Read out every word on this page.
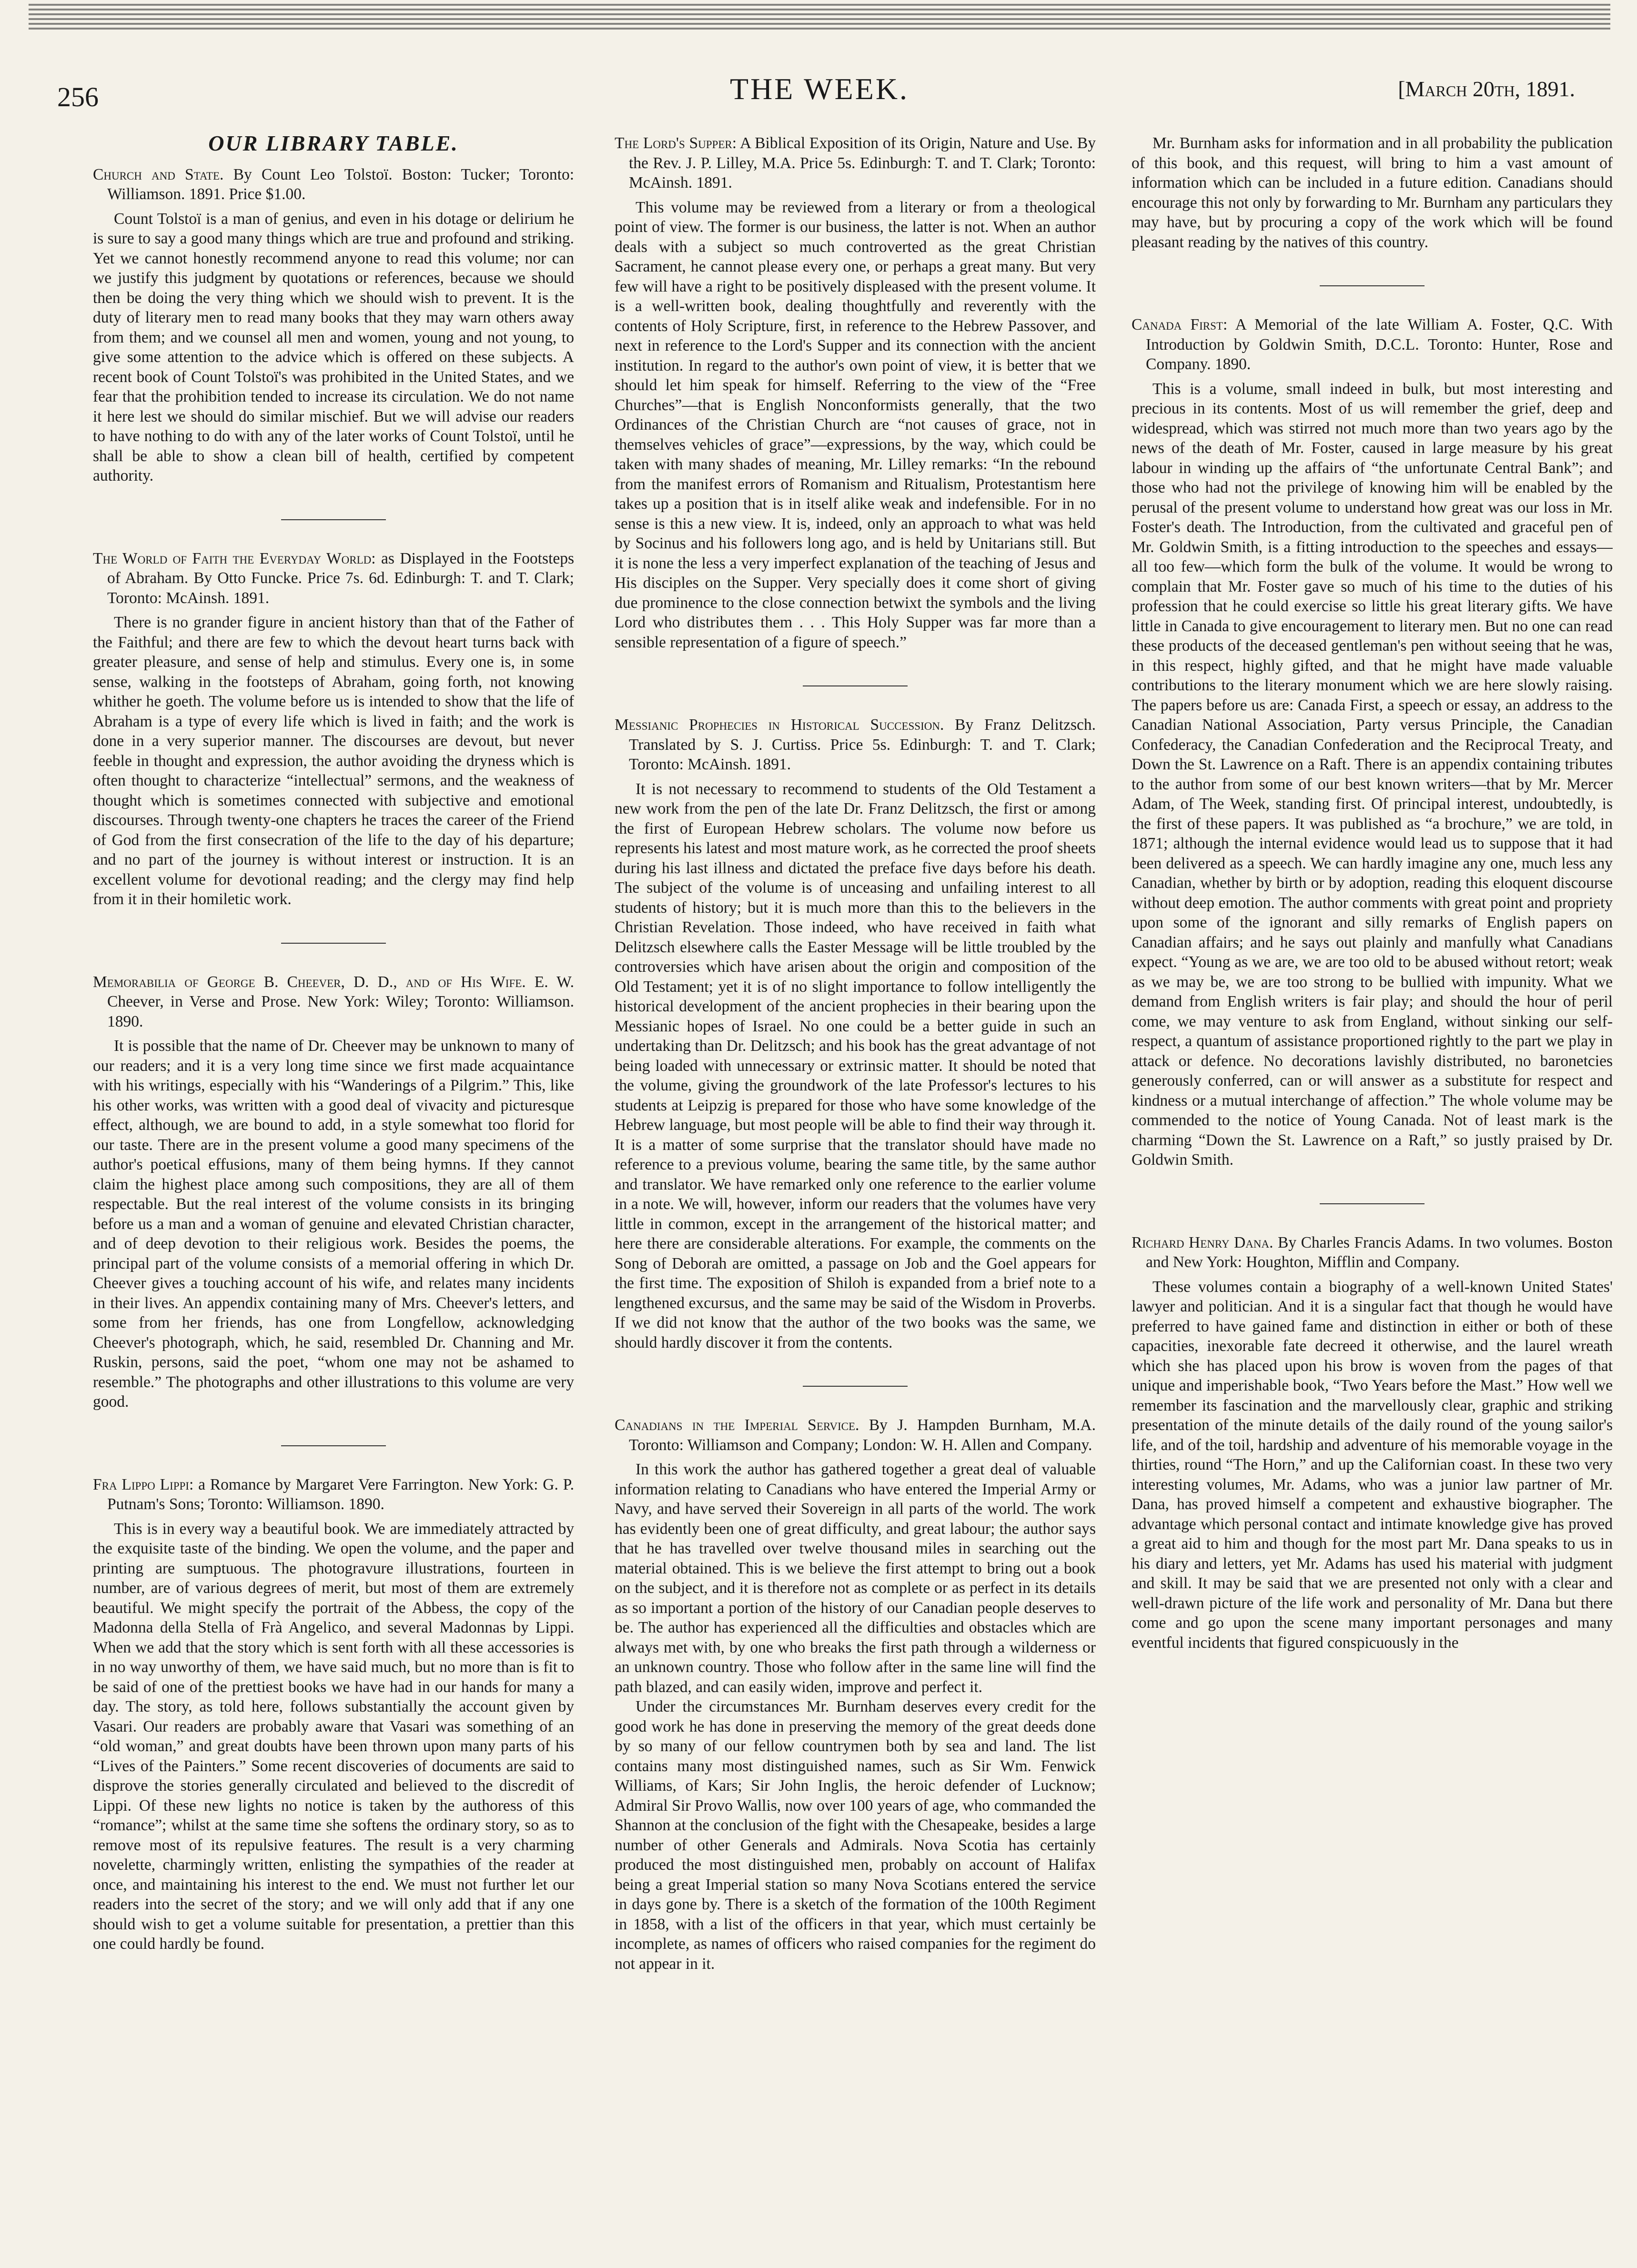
256	THE WEEK.	[March 20th, 1891.
OUR LIBRARY TABLE.

Church and State. By Count Leo Tolstoï. Boston: Tucker; Toronto: Williamson. 1891. Price $1.00.

Count Tolstoï is a man of genius, and even in his dotage or delirium he is sure to say a good many things which are true and profound and striking. Yet we cannot honestly recommend anyone to read this volume; nor can we justify this judgment by quotations or references, because we should then be doing the very thing which we should wish to prevent. It is the duty of literary men to read many books that they may warn others away from them; and we counsel all men and women, young and not young, to give some attention to the advice which is offered on these subjects. A recent book of Count Tolstoï's was prohibited in the United States, and we fear that the prohibition tended to increase its circulation. We do not name it here lest we should do similar mischief. But we will advise our readers to have nothing to do with any of the later works of Count Tolstoï, until he shall be able to show a clean bill of health, certified by competent authority.

The World of Faith the Everyday World: as Displayed in the Footsteps of Abraham. By Otto Funcke. Price 7s. 6d. Edinburgh: T. and T. Clark; Toronto: McAinsh. 1891.

There is no grander figure in ancient history than that of the Father of the Faithful; and there are few to which the devout heart turns back with greater pleasure, and sense of help and stimulus. Every one is, in some sense, walking in the footsteps of Abraham, going forth, not knowing whither he goeth. The volume before us is intended to show that the life of Abraham is a type of every life which is lived in faith; and the work is done in a very superior manner. The discourses are devout, but never feeble in thought and expression, the author avoiding the dryness which is often thought to characterize “intellectual” sermons, and the weakness of thought which is sometimes connected with subjective and emotional discourses. Through twenty-one chapters he traces the career of the Friend of God from the first consecration of the life to the day of his departure; and no part of the journey is without interest or instruction. It is an excellent volume for devotional reading; and the clergy may find help from it in their homiletic work.

Memorabilia of George B. Cheever, D. D., and of His Wife. E. W. Cheever, in Verse and Prose. New York: Wiley; Toronto: Williamson. 1890.

It is possible that the name of Dr. Cheever may be unknown to many of our readers; and it is a very long time since we first made acquaintance with his writings, especially with his “Wanderings of a Pilgrim.” This, like his other works, was written with a good deal of vivacity and picturesque effect, although, we are bound to add, in a style somewhat too florid for our taste. There are in the present volume a good many specimens of the author's poetical effusions, many of them being hymns. If they cannot claim the highest place among such compositions, they are all of them respectable. But the real interest of the volume consists in its bringing before us a man and a woman of genuine and elevated Christian character, and of deep devotion to their religious work. Besides the poems, the principal part of the volume consists of a memorial offering in which Dr. Cheever gives a touching account of his wife, and relates many incidents in their lives. An appendix containing many of Mrs. Cheever's letters, and some from her friends, has one from Longfellow, acknowledging Cheever's photograph, which, he said, resembled Dr. Channing and Mr. Ruskin, persons, said the poet, “whom one may not be ashamed to resemble.” The photographs and other illustrations to this volume are very good.

Fra Lippo Lippi: a Romance by Margaret Vere Farrington. New York: G. P. Putnam's Sons; Toronto: Williamson. 1890.

This is in every way a beautiful book. We are immediately attracted by the exquisite taste of the binding. We open the volume, and the paper and printing are sumptuous. The photogravure illustrations, fourteen in number, are of various degrees of merit, but most of them are extremely beautiful. We might specify the portrait of the Abbess, the copy of the Madonna della Stella of Frà Angelico, and several Madonnas by Lippi. When we add that the story which is sent forth with all these accessories is in no way unworthy of them, we have said much, but no more than is fit to be said of one of the prettiest books we have had in our hands for many a day. The story, as told here, follows substantially the account given by Vasari. Our readers are probably aware that Vasari was something of an “old woman,” and great doubts have been thrown upon many parts of his “Lives of the Painters.” Some recent discoveries of documents are said to disprove the stories generally circulated and believed to the discredit of Lippi. Of these new lights no notice is taken by the authoress of this “romance”; whilst at the same time she softens the ordinary story, so as to remove most of its repulsive features. The result is a very charming novelette, charmingly written, enlisting the sympathies of the reader at once, and maintaining his interest to the end. We must not further let our readers into the secret of the story; and we will only add that if any one should wish to get a volume suitable for presentation, a prettier than this one could hardly be found.

The Lord's Supper: A Biblical Exposition of its Origin, Nature and Use. By the Rev. J. P. Lilley, M.A. Price 5s. Edinburgh: T. and T. Clark; Toronto: McAinsh. 1891.

This volume may be reviewed from a literary or from a theological point of view. The former is our business, the latter is not. When an author deals with a subject so much controverted as the great Christian Sacrament, he cannot please every one, or perhaps a great many. But very few will have a right to be positively displeased with the present volume. It is a well-written book, dealing thoughtfully and reverently with the contents of Holy Scripture, first, in reference to the Hebrew Passover, and next in reference to the Lord's Supper and its connection with the ancient institution. In regard to the author's own point of view, it is better that we should let him speak for himself. Referring to the view of the “Free Churches”—that is English Nonconformists generally, that the two Ordinances of the Christian Church are “not causes of grace, not in themselves vehicles of grace”—expressions, by the way, which could be taken with many shades of meaning, Mr. Lilley remarks: “In the rebound from the manifest errors of Romanism and Ritualism, Protestantism here takes up a position that is in itself alike weak and indefensible. For in no sense is this a new view. It is, indeed, only an approach to what was held by Socinus and his followers long ago, and is held by Unitarians still. But it is none the less a very imperfect explanation of the teaching of Jesus and His disciples on the Supper. Very specially does it come short of giving due prominence to the close connection betwixt the symbols and the living Lord who distributes them . . . This Holy Supper was far more than a sensible representation of a figure of speech.”

Messianic Prophecies in Historical Succession. By Franz Delitzsch. Translated by S. J. Curtiss. Price 5s. Edinburgh: T. and T. Clark; Toronto: McAinsh. 1891.

It is not necessary to recommend to students of the Old Testament a new work from the pen of the late Dr. Franz Delitzsch, the first or among the first of European Hebrew scholars. The volume now before us represents his latest and most mature work, as he corrected the proof sheets during his last illness and dictated the preface five days before his death. The subject of the volume is of unceasing and unfailing interest to all students of history; but it is much more than this to the believers in the Christian Revelation. Those indeed, who have received in faith what Delitzsch elsewhere calls the Easter Message will be little troubled by the controversies which have arisen about the origin and composition of the Old Testament; yet it is of no slight importance to follow intelligently the historical development of the ancient prophecies in their bearing upon the Messianic hopes of Israel. No one could be a better guide in such an undertaking than Dr. Delitzsch; and his book has the great advantage of not being loaded with unnecessary or extrinsic matter. It should be noted that the volume, giving the groundwork of the late Professor's lectures to his students at Leipzig is prepared for those who have some knowledge of the Hebrew language, but most people will be able to find their way through it. It is a matter of some surprise that the translator should have made no reference to a previous volume, bearing the same title, by the same author and translator. We have remarked only one reference to the earlier volume in a note. We will, however, inform our readers that the volumes have very little in common, except in the arrangement of the historical matter; and here there are considerable alterations. For example, the comments on the Song of Deborah are omitted, a passage on Job and the Goel appears for the first time. The exposition of Shiloh is expanded from a brief note to a lengthened excursus, and the same may be said of the Wisdom in Proverbs. If we did not know that the author of the two books was the same, we should hardly discover it from the contents.

Canadians in the Imperial Service. By J. Hampden Burnham, M.A. Toronto: Williamson and Company; London: W. H. Allen and Company.

In this work the author has gathered together a great deal of valuable information relating to Canadians who have entered the Imperial Army or Navy, and have served their Sovereign in all parts of the world. The work has evidently been one of great difficulty, and great labour; the author says that he has travelled over twelve thousand miles in searching out the material obtained. This is we believe the first attempt to bring out a book on the subject, and it is therefore not as complete or as perfect in its details as so important a portion of the history of our Canadian people deserves to be. The author has experienced all the difficulties and obstacles which are always met with, by one who breaks the first path through a wilderness or an unknown country. Those who follow after in the same line will find the path blazed, and can easily widen, improve and perfect it.

Under the circumstances Mr. Burnham deserves every credit for the good work he has done in preserving the memory of the great deeds done by so many of our fellow countrymen both by sea and land. The list contains many most distinguished names, such as Sir Wm. Fenwick Williams, of Kars; Sir John Inglis, the heroic defender of Lucknow; Admiral Sir Provo Wallis, now over 100 years of age, who commanded the Shannon at the conclusion of the fight with the Chesapeake, besides a large number of other Generals and Admirals. Nova Scotia has certainly produced the most distinguished men, probably on account of Halifax being a great Imperial station so many Nova Scotians entered the service in days gone by. There is a sketch of the formation of the 100th Regiment in 1858, with a list of the officers in that year, which must certainly be incomplete, as names of officers who raised companies for the regiment do not appear in it.

Mr. Burnham asks for information and in all probability the publication of this book, and this request, will bring to him a vast amount of information which can be included in a future edition. Canadians should encourage this not only by forwarding to Mr. Burnham any particulars they may have, but by procuring a copy of the work which will be found pleasant reading by the natives of this country.

Canada First: A Memorial of the late William A. Foster, Q.C. With Introduction by Goldwin Smith, D.C.L. Toronto: Hunter, Rose and Company. 1890.

This is a volume, small indeed in bulk, but most interesting and precious in its contents. Most of us will remember the grief, deep and widespread, which was stirred not much more than two years ago by the news of the death of Mr. Foster, caused in large measure by his great labour in winding up the affairs of “the unfortunate Central Bank”; and those who had not the privilege of knowing him will be enabled by the perusal of the present volume to understand how great was our loss in Mr. Foster's death. The Introduction, from the cultivated and graceful pen of Mr. Goldwin Smith, is a fitting introduction to the speeches and essays—all too few—which form the bulk of the volume. It would be wrong to complain that Mr. Foster gave so much of his time to the duties of his profession that he could exercise so little his great literary gifts. We have little in Canada to give encouragement to literary men. But no one can read these products of the deceased gentleman's pen without seeing that he was, in this respect, highly gifted, and that he might have made valuable contributions to the literary monument which we are here slowly raising. The papers before us are: Canada First, a speech or essay, an address to the Canadian National Association, Party versus Principle, the Canadian Confederacy, the Canadian Confederation and the Reciprocal Treaty, and Down the St. Lawrence on a Raft. There is an appendix containing tributes to the author from some of our best known writers—that by Mr. Mercer Adam, of The Week, standing first. Of principal interest, undoubtedly, is the first of these papers. It was published as “a brochure,” we are told, in 1871; although the internal evidence would lead us to suppose that it had been delivered as a speech. We can hardly imagine any one, much less any Canadian, whether by birth or by adoption, reading this eloquent discourse without deep emotion. The author comments with great point and propriety upon some of the ignorant and silly remarks of English papers on Canadian affairs; and he says out plainly and manfully what Canadians expect. “Young as we are, we are too old to be abused without retort; weak as we may be, we are too strong to be bullied with impunity. What we demand from English writers is fair play; and should the hour of peril come, we may venture to ask from England, without sinking our self-respect, a quantum of assistance proportioned rightly to the part we play in attack or defence. No decorations lavishly distributed, no baronetcies generously conferred, can or will answer as a substitute for respect and kindness or a mutual interchange of affection.” The whole volume may be commended to the notice of Young Canada. Not of least mark is the charming “Down the St. Lawrence on a Raft,” so justly praised by Dr. Goldwin Smith.

Richard Henry Dana. By Charles Francis Adams. In two volumes. Boston and New York: Houghton, Mifflin and Company.

These volumes contain a biography of a well-known United States' lawyer and politician. And it is a singular fact that though he would have preferred to have gained fame and distinction in either or both of these capacities, inexorable fate decreed it otherwise, and the laurel wreath which she has placed upon his brow is woven from the pages of that unique and imperishable book, “Two Years before the Mast.” How well we remember its fascination and the marvellously clear, graphic and striking presentation of the minute details of the daily round of the young sailor's life, and of the toil, hardship and adventure of his memorable voyage in the thirties, round “The Horn,” and up the Californian coast. In these two very interesting volumes, Mr. Adams, who was a junior law partner of Mr. Dana, has proved himself a competent and exhaustive biographer. The advantage which personal contact and intimate knowledge give has proved a great aid to him and though for the most part Mr. Dana speaks to us in his diary and letters, yet Mr. Adams has used his material with judgment and skill. It may be said that we are presented not only with a clear and well-drawn picture of the life work and personality of Mr. Dana but there come and go upon the scene many important personages and many eventful incidents that figured conspicuously in the
